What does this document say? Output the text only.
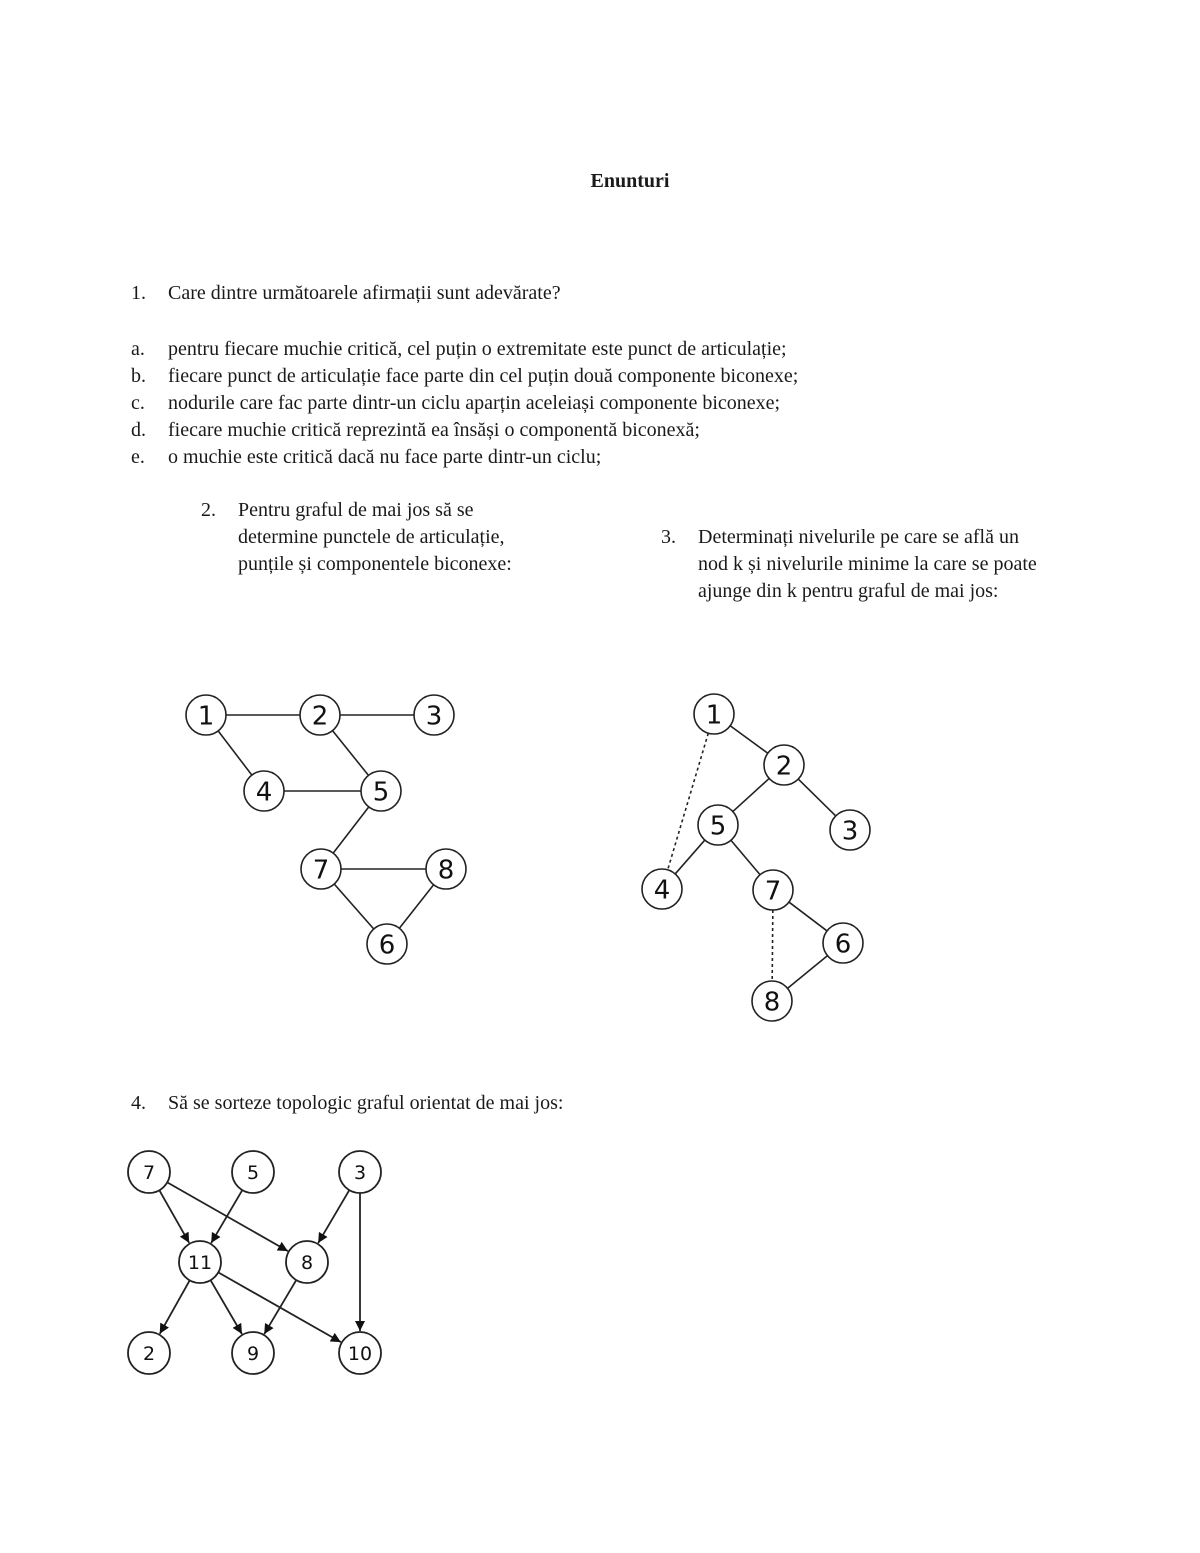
Enunturi
1. Care dintre următoarele afirmații sunt adevărate?
a. pentru fiecare muchie critică, cel puțin o extremitate este punct de articulație;
b. fiecare punct de articulație face parte din cel puțin două componente biconexe;
c. nodurile care fac parte dintr-un ciclu aparțin aceleiași componente biconexe;
d. fiecare muchie critică reprezintă ea însăși o componentă biconexă;
e. o muchie este critică dacă nu face parte dintr-un ciclu;
2. Pentru graful de mai jos să se
determine punctele de articulație,
punțile și componentele biconexe:
3. Determinați nivelurile pe care se află un
nod k și nivelurile minime la care se poate
ajunge din k pentru graful de mai jos:
4. Să se sorteze topologic graful orientat de mai jos:
1	2	3
4	5
7	8
6
1
2
5	3
4	7
6
8
7	5	3
11	8
2	9	10
